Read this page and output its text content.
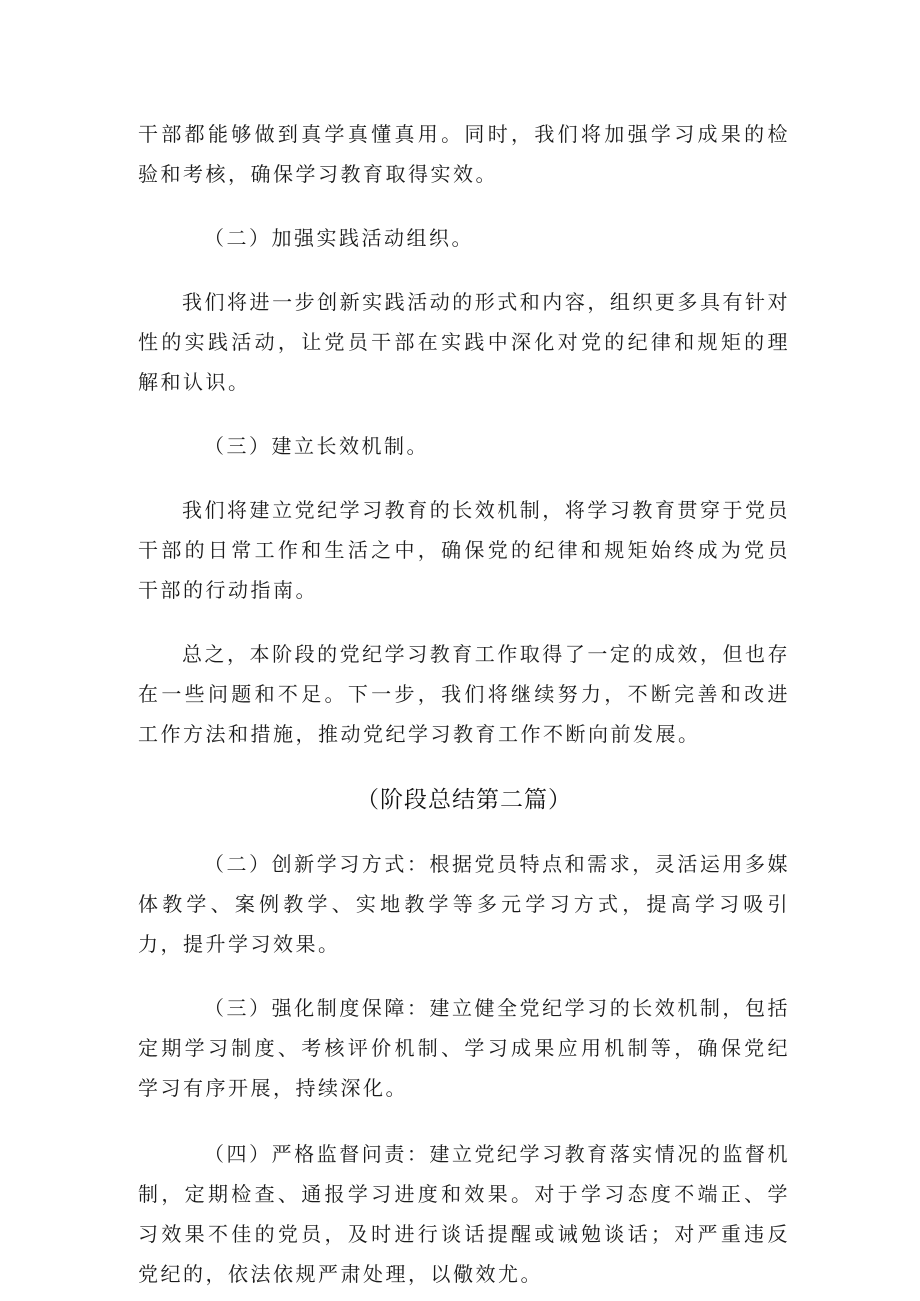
干部都能够做到真学真懂真用。同时，我们将加强学习成果的检验和考核，确保学习教育取得实效。

（二）加强实践活动组织。

我们将进一步创新实践活动的形式和内容，组织更多具有针对性的实践活动，让党员干部在实践中深化对党的纪律和规矩的理解和认识。

（三）建立长效机制。

我们将建立党纪学习教育的长效机制，将学习教育贯穿于党员干部的日常工作和生活之中，确保党的纪律和规矩始终成为党员干部的行动指南。

总之，本阶段的党纪学习教育工作取得了一定的成效，但也存在一些问题和不足。下一步，我们将继续努力，不断完善和改进工作方法和措施，推动党纪学习教育工作不断向前发展。

（阶段总结第二篇）

（二）创新学习方式：根据党员特点和需求，灵活运用多媒体教学、案例教学、实地教学等多元学习方式，提高学习吸引力，提升学习效果。

（三）强化制度保障：建立健全党纪学习的长效机制，包括定期学习制度、考核评价机制、学习成果应用机制等，确保党纪学习有序开展，持续深化。

（四）严格监督问责：建立党纪学习教育落实情况的监督机制，定期检查、通报学习进度和效果。对于学习态度不端正、学习效果不佳的党员，及时进行谈话提醒或诫勉谈话；对严重违反党纪的，依法依规严肃处理，以儆效尤。
